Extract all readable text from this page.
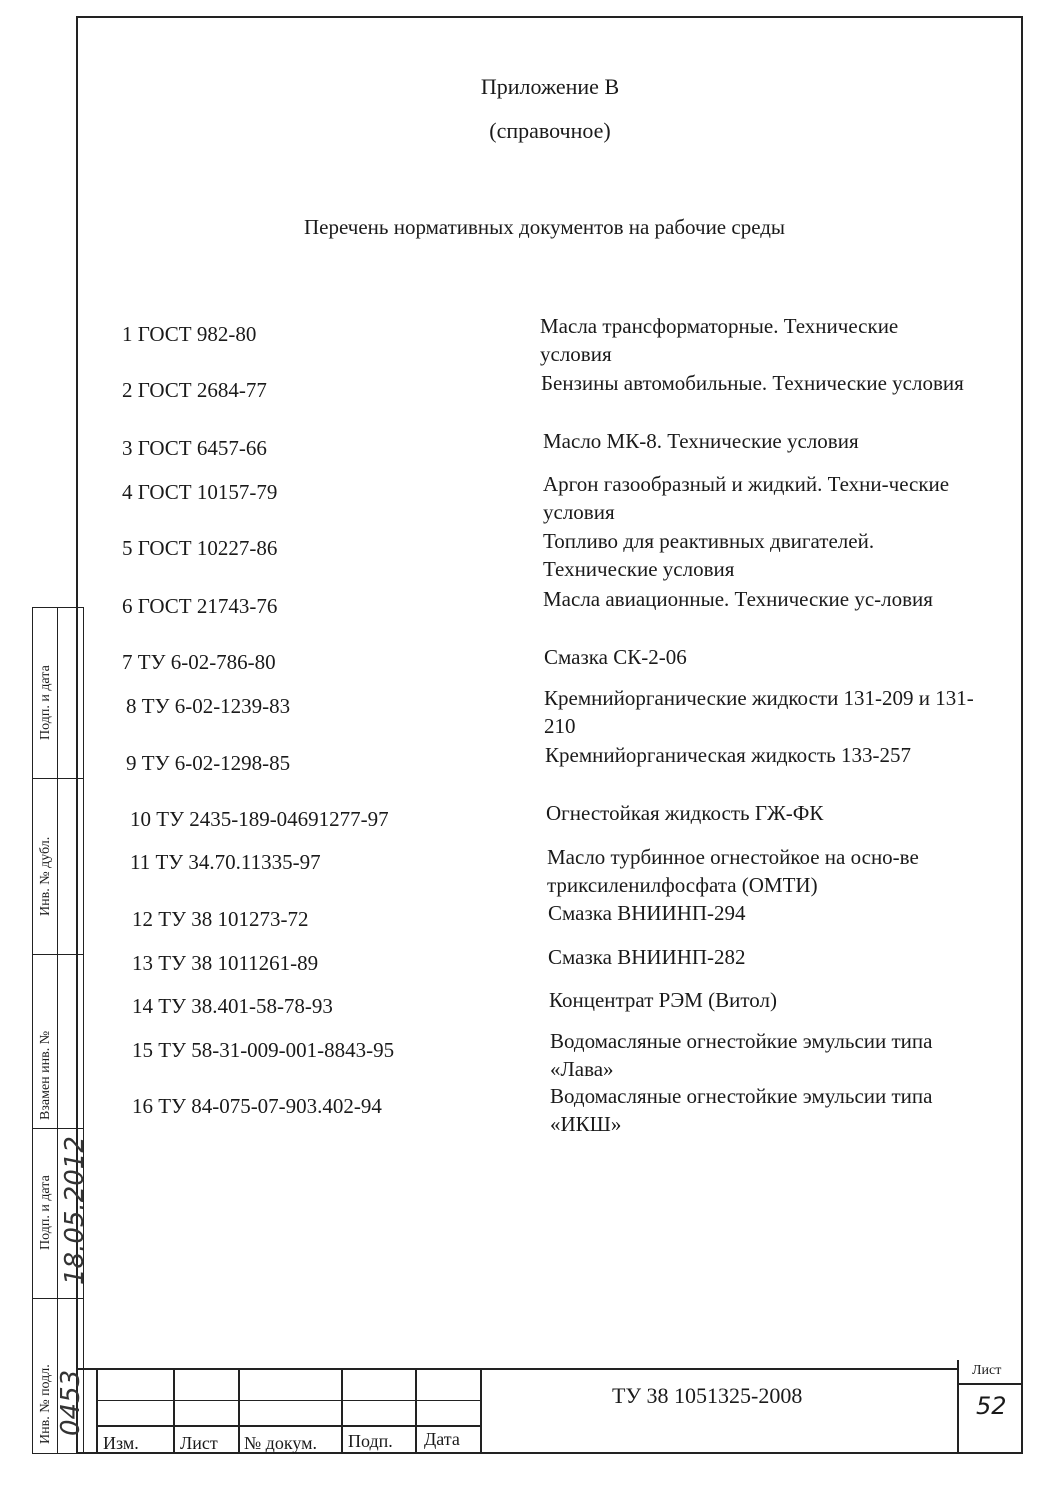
Приложение В
(справочное)
Перечень нормативных документов на рабочие среды
1 ГОСТ 982-80	Масла трансформаторные. Технические условия
2 ГОСТ 2684-77	Бензины автомобильные. Технические условия
3 ГОСТ 6457-66	Масло МК-8. Технические условия
4 ГОСТ 10157-79	Аргон газообразный и жидкий. Техни-ческие условия
5 ГОСТ 10227-86	Топливо для реактивных двигателей. Технические условия
6 ГОСТ 21743-76	Масла авиационные. Технические ус-ловия
7 ТУ 6-02-786-80	Смазка СК-2-06
8 ТУ 6-02-1239-83	Кремнийорганические жидкости 131-209 и 131-210
9 ТУ 6-02-1298-85	Кремнийорганическая жидкость 133-257
10 ТУ 2435-189-04691277-97	Огнестойкая жидкость ГЖ-ФК
11 ТУ 34.70.11335-97	Масло турбинное огнестойкое на осно-ве триксиленилфосфата (ОМТИ)
12 ТУ 38 101273-72	Смазка ВНИИНП-294
13 ТУ 38 1011261-89	Смазка ВНИИНП-282
14 ТУ 38.401-58-78-93	Концентрат РЭМ (Витол)
15 ТУ 58-31-009-001-8843-95	Водомасляные огнестойкие эмульсии типа «Лава»
16 ТУ 84-075-07-903.402-94	Водомасляные огнестойкие эмульсии типа «ИКШ»
Подп. и дата
Инв. № дубл.
Взамен инв. №
Подп. и дата
Инв. № подл. 0453
18.05.2012
Изм. Лист № докум. Подп. Дата
ТУ 38 1051325-2008
Лист
52
